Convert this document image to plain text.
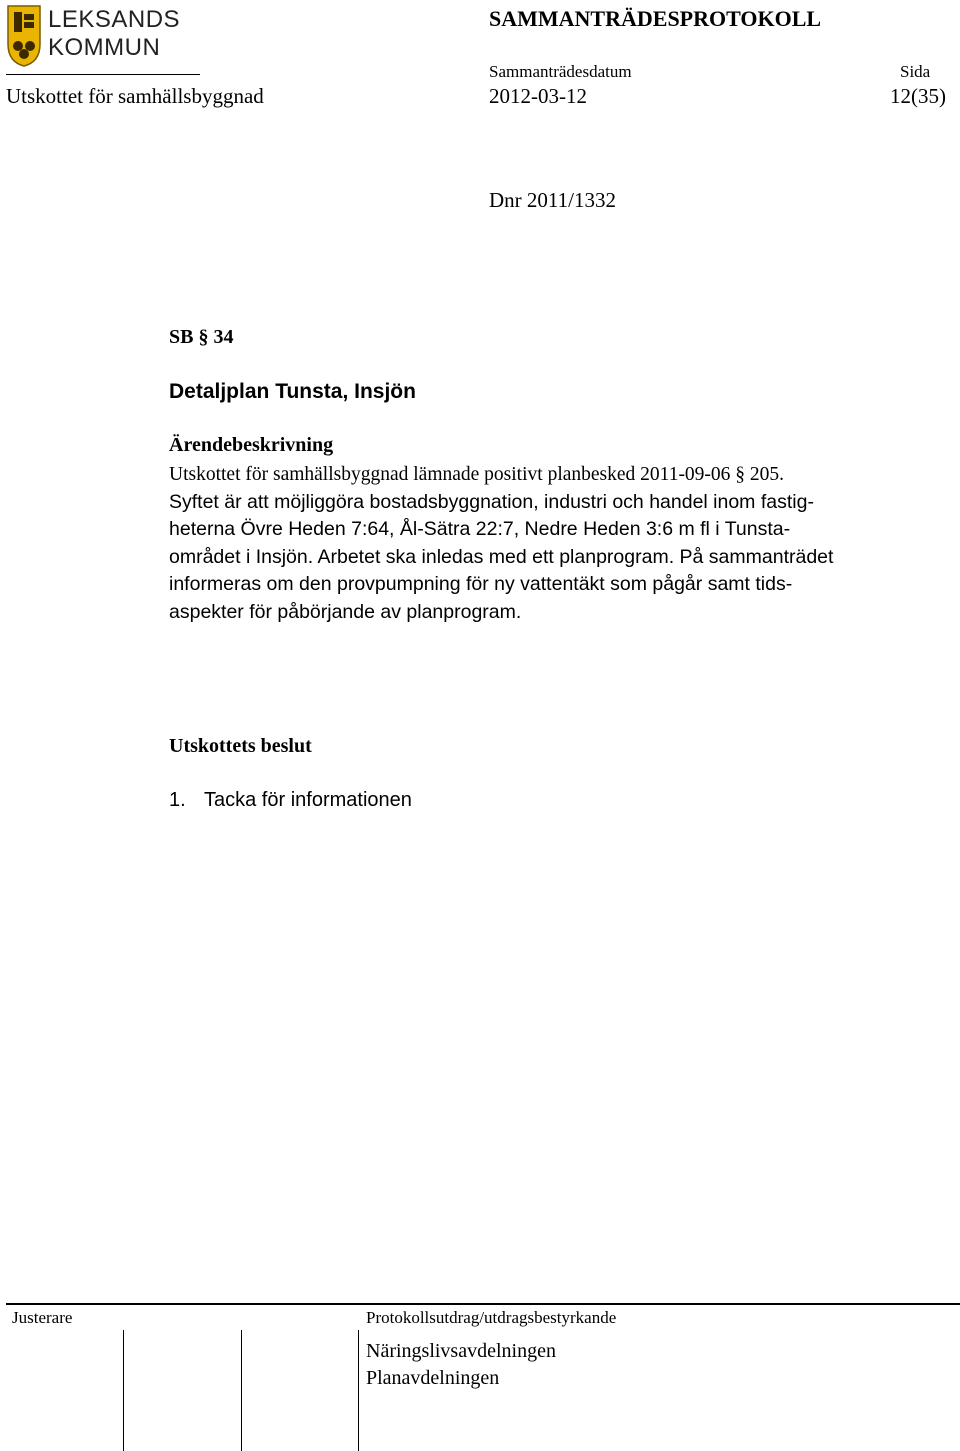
LEKSANDS
KOMMUN
SAMMANTRÄDESPROTOKOLL
Sammanträdesdatum	Sida
Utskottet för samhällsbyggnad	2012-03-12	12(35)
Dnr 2011/1332
SB § 34
Detaljplan Tunsta, Insjön
Ärendebeskrivning
Utskottet för samhällsbyggnad lämnade positivt planbesked 2011-09-06 § 205.
Syftet är att möjliggöra bostadsbyggnation, industri och handel inom fastig-
heterna Övre Heden 7:64, Ål-Sätra 22:7, Nedre Heden 3:6 m fl i Tunsta-
området i Insjön. Arbetet ska inledas med ett planprogram. På sammanträdet
informeras om den provpumpning för ny vattentäkt som pågår samt tids-
aspekter för påbörjande av planprogram.
Utskottets beslut
1. Tacka för informationen
Justerare	Protokollsutdrag/utdragsbestyrkande
Näringslivsavdelningen
Planavdelningen
